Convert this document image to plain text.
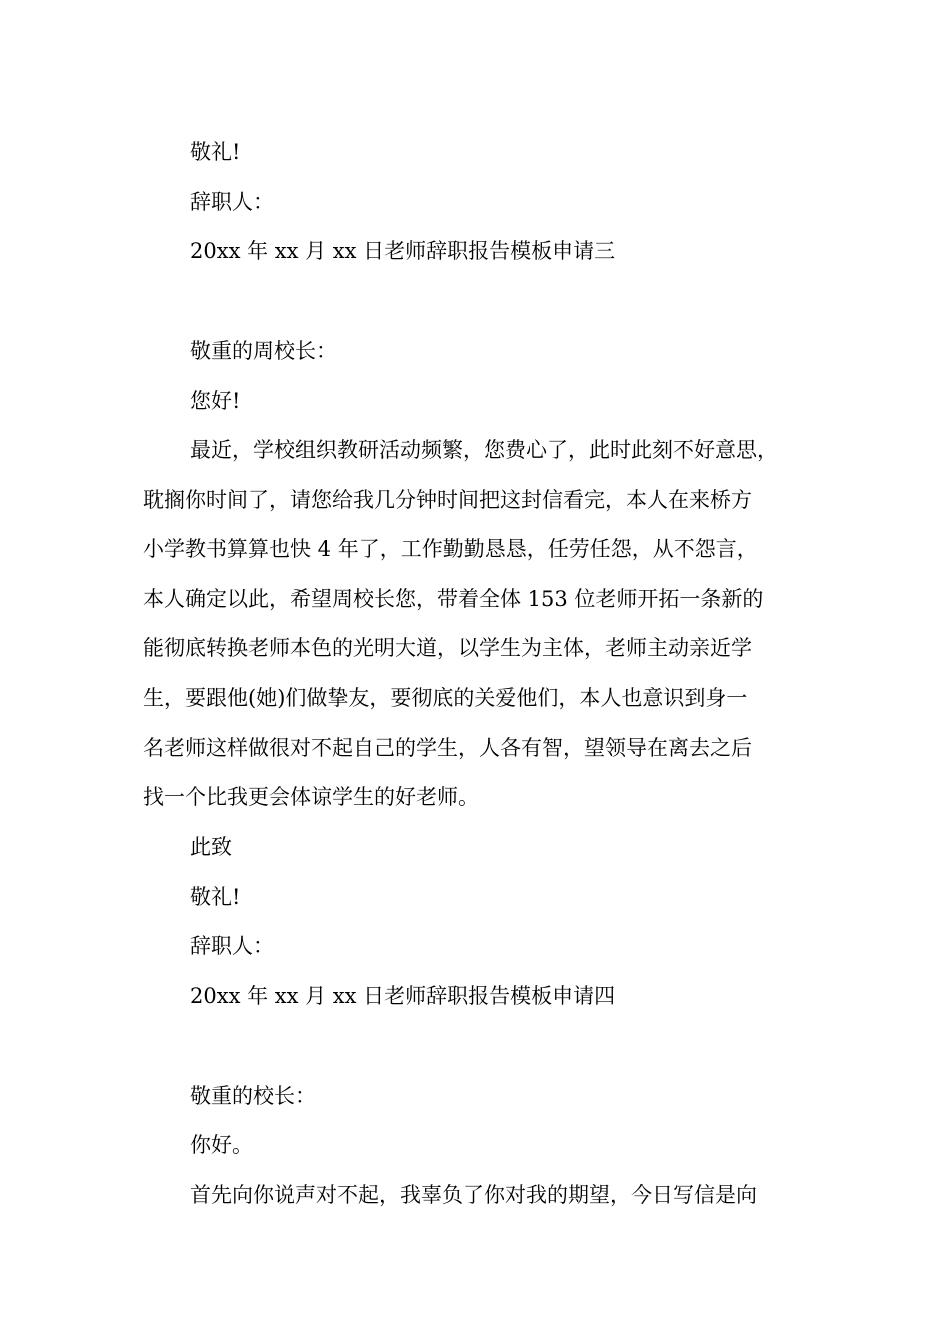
敬礼!
辞职人：
20xx 年 xx 月 xx 日老师辞职报告模板申请三
敬重的周校长：
您好!
最近，学校组织教研活动频繁，您费心了，此时此刻不好意思，
耽搁你时间了，请您给我几分钟时间把这封信看完，本人在来桥方
小学教书算算也快 4 年了，工作勤勤恳恳，任劳任怨，从不怨言，
本人确定以此，希望周校长您，带着全体 153 位老师开拓一条新的
能彻底转换老师本色的光明大道，以学生为主体，老师主动亲近学
生，要跟他(她)们做挚友，要彻底的关爱他们，本人也意识到身一
名老师这样做很对不起自己的学生，人各有智，望领导在离去之后
找一个比我更会体谅学生的好老师。
此致
敬礼!
辞职人：
20xx 年 xx 月 xx 日老师辞职报告模板申请四
敬重的校长：
你好。
首先向你说声对不起，我辜负了你对我的期望，今日写信是向
